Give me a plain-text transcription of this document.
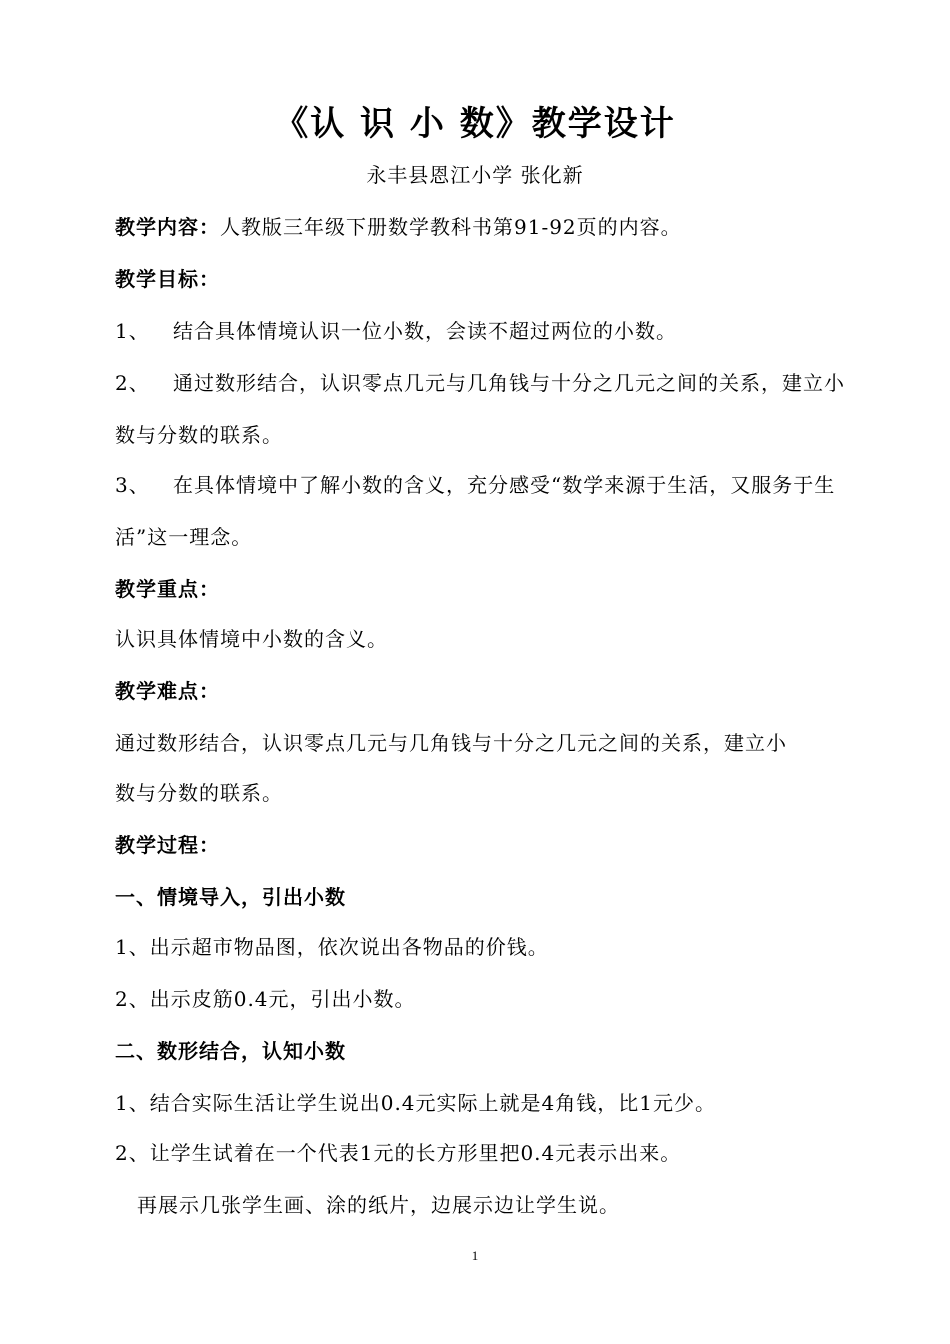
《认 识 小 数》教学设计
永丰县恩江小学 张化新
教学内容：人教版三年级下册数学教科书第91-92页的内容。
教学目标：
1、 结合具体情境认识一位小数，会读不超过两位的小数。
2、 通过数形结合，认识零点几元与几角钱与十分之几元之间的关系，建立小
数与分数的联系。
3、 在具体情境中了解小数的含义，充分感受“数学来源于生活，又服务于生
活”这一理念。
教学重点：
认识具体情境中小数的含义。
教学难点：
通过数形结合，认识零点几元与几角钱与十分之几元之间的关系，建立小
数与分数的联系。
教学过程：
一、情境导入，引出小数
1、出示超市物品图，依次说出各物品的价钱。
2、出示皮筋0.4元，引出小数。
二、数形结合，认知小数
1、结合实际生活让学生说出0.4元实际上就是4角钱，比1元少。
2、让学生试着在一个代表1元的长方形里把0.4元表示出来。
再展示几张学生画、涂的纸片，边展示边让学生说。
1
